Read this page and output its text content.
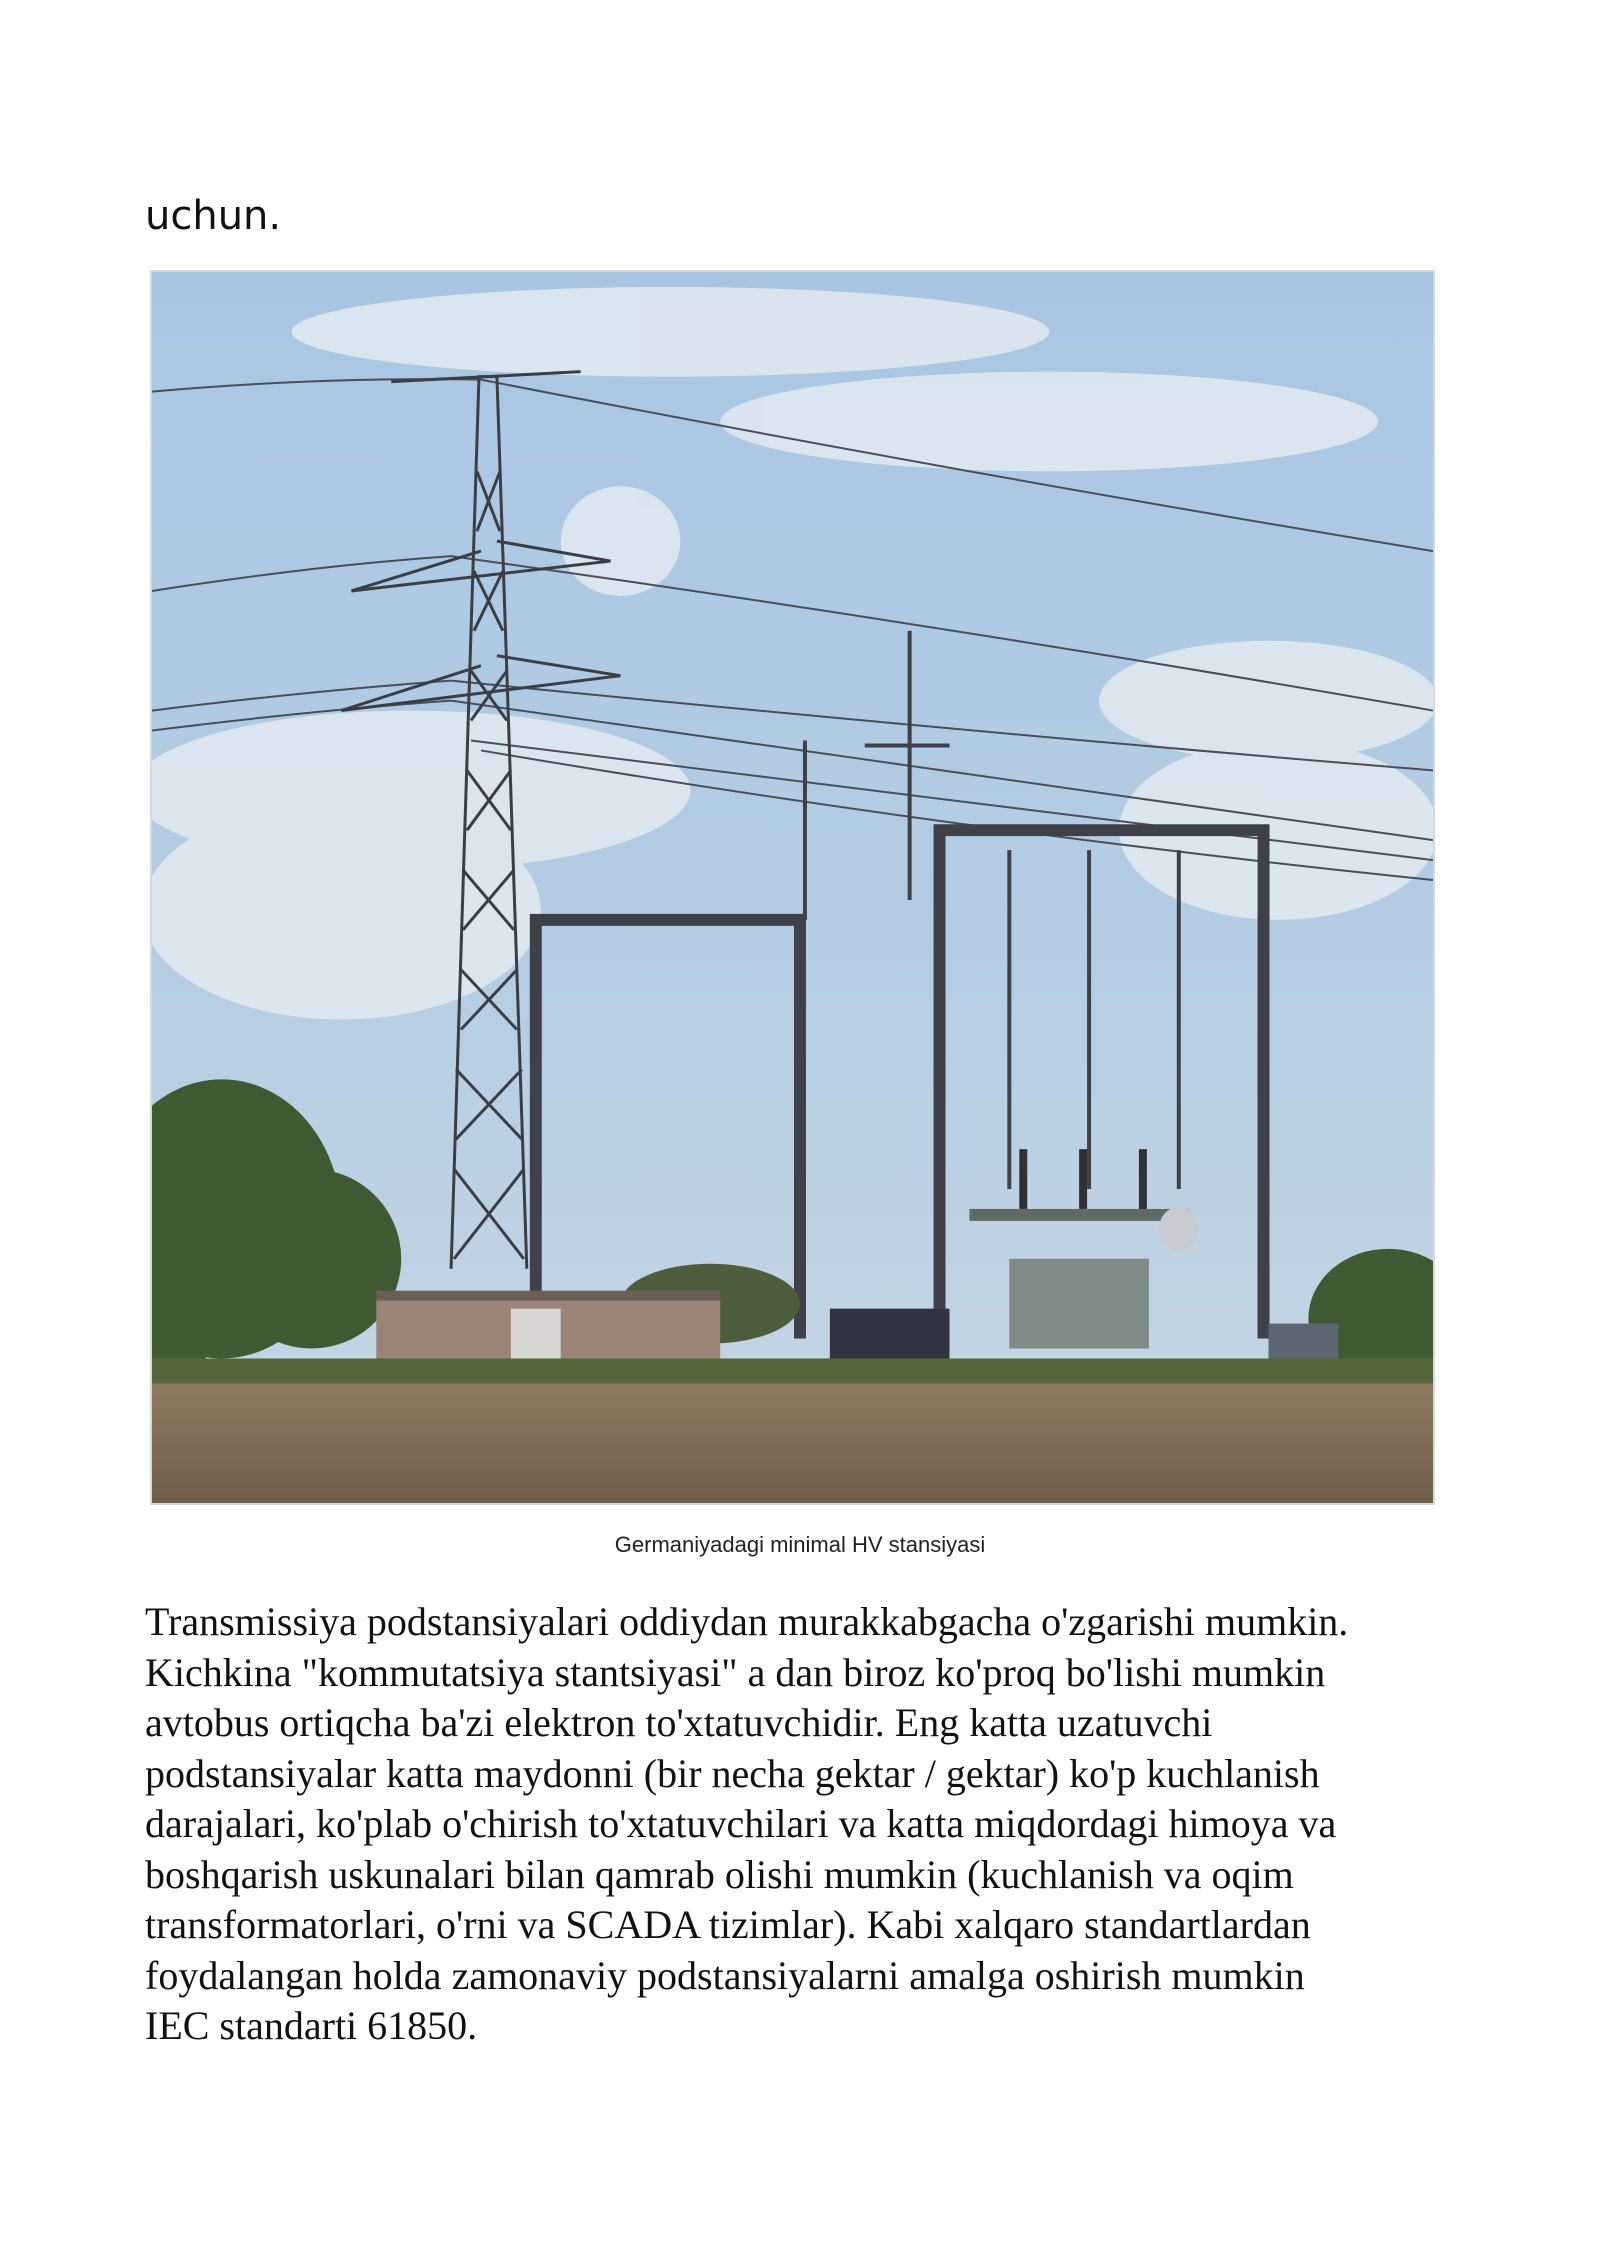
uchun.

Germaniyadagi minimal HV stansiyasi

Transmissiya podstansiyalari oddiydan murakkabgacha o'zgarishi mumkin.
Kichkina "kommutatsiya stantsiyasi" a dan biroz ko'proq bo'lishi mumkin
avtobus ortiqcha ba'zi elektron to'xtatuvchidir. Eng katta uzatuvchi
podstansiyalar katta maydonni (bir necha gektar / gektar) ko'p kuchlanish
darajalari, ko'plab o'chirish to'xtatuvchilari va katta miqdordagi himoya va
boshqarish uskunalari bilan qamrab olishi mumkin (kuchlanish va oqim
transformatorlari, o'rni va SCADA tizimlar). Kabi xalqaro standartlardan
foydalangan holda zamonaviy podstansiyalarni amalga oshirish mumkin
IEC standarti 61850.
